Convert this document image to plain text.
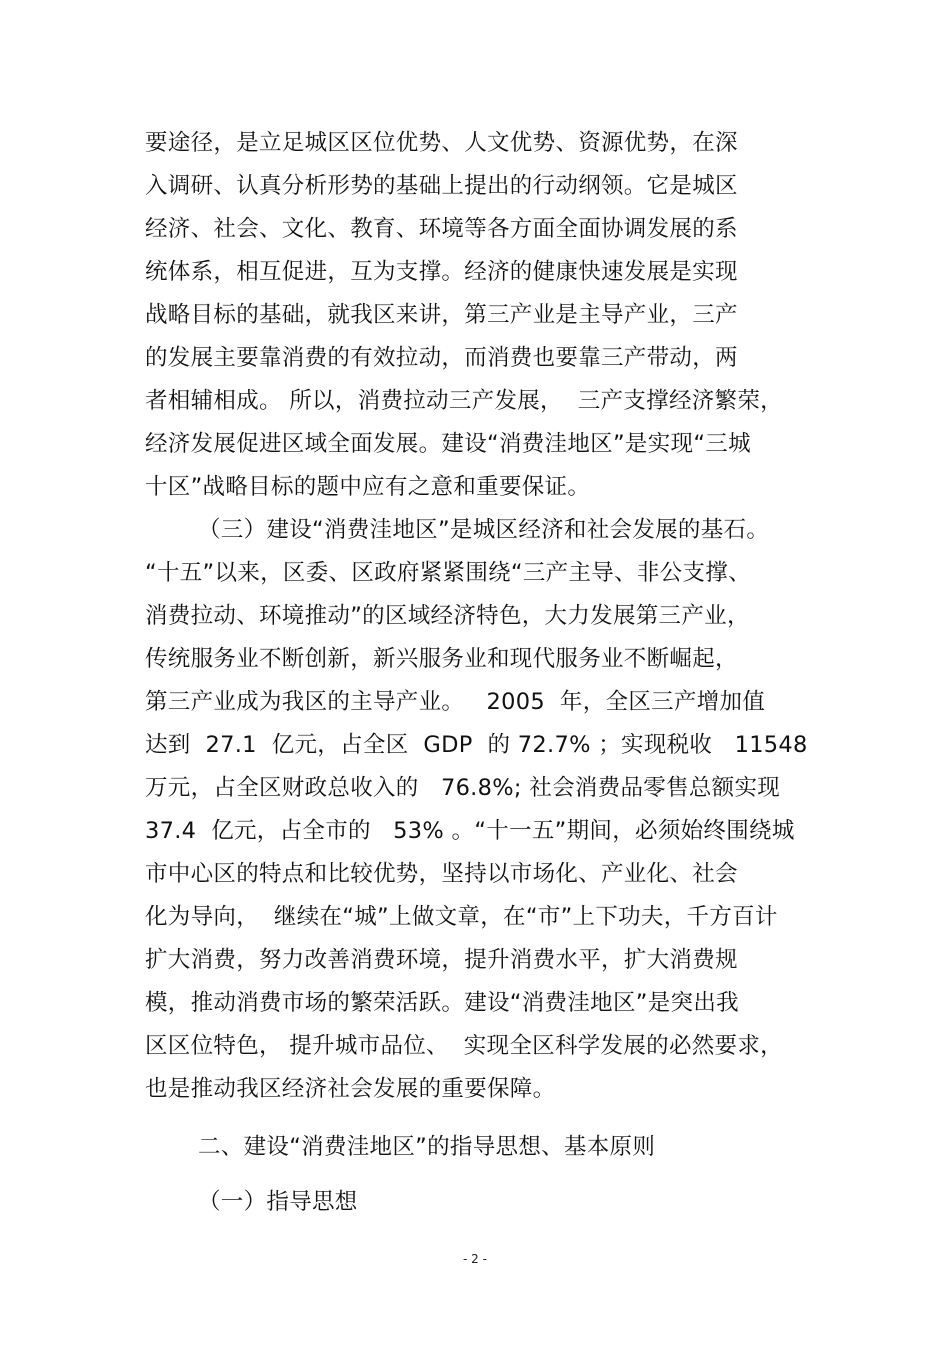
要途径，是立足城区区位优势、人文优势、资源优势，在深
入调研、认真分析形势的基础上提出的行动纲领。它是城区
经济、社会、文化、教育、环境等各方面全面协调发展的系
统体系，相互促进，互为支撑。经济的健康快速发展是实现
战略目标的基础，就我区来讲，第三产业是主导产业，三产
的发展主要靠消费的有效拉动，而消费也要靠三产带动，两
者相辅相成。 所以，消费拉动三产发展，  三产支撑经济繁荣，
经济发展促进区域全面发展。建设“消费洼地区”是实现“三城
十区”战略目标的题中应有之意和重要保证。
（三）建设“消费洼地区”是城区经济和社会发展的基石。
“十五”以来，区委、区政府紧紧围绕“三产主导、非公支撑、
消费拉动、环境推动”的区域经济特色，大力发展第三产业，
传统服务业不断创新，新兴服务业和现代服务业不断崛起，
第三产业成为我区的主导产业。   2005  年，全区三产增加值
达到  27.1  亿元，占全区  GDP  的 72.7% ；实现税收   11548
万元，占全区财政总收入的   76.8%; 社会消费品零售总额实现
37.4  亿元，占全市的   53% 。“十一五”期间，必须始终围绕城
市中心区的特点和比较优势，坚持以市场化、产业化、社会
化为导向，  继续在“城”上做文章，在“市”上下功夫，千方百计
扩大消费，努力改善消费环境，提升消费水平，扩大消费规
模，推动消费市场的繁荣活跃。建设“消费洼地区”是突出我
区区位特色， 提升城市品位、  实现全区科学发展的必然要求，
也是推动我区经济社会发展的重要保障。
二、建设“消费洼地区”的指导思想、基本原则
（一）指导思想
- 2 -
